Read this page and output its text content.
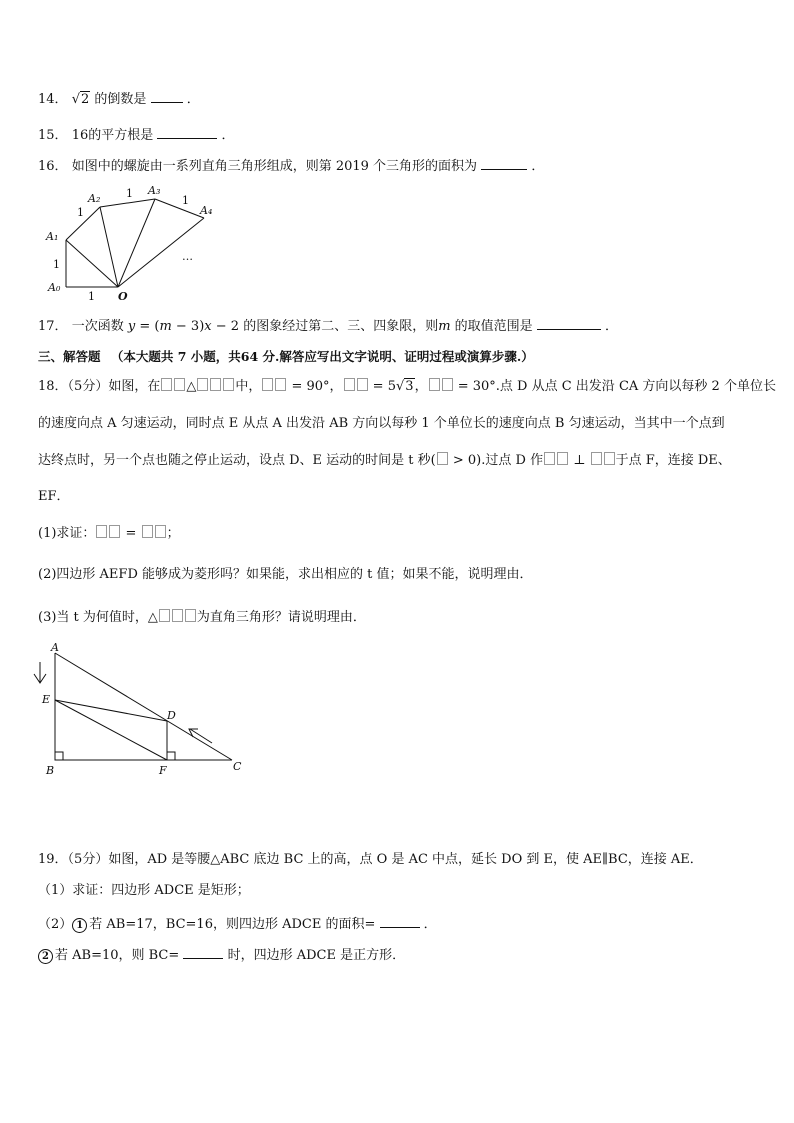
14． √2 的倒数是	．
15． 16的平方根是	．
16． 如图中的螺旋由一系列直角三角形组成，则第 2019 个三角形的面积为	．
A₀
A₁
A₂
A₃
A₄
O
1
1
1
1
1
…
17． 一次函数 y = (m − 3)x − 2 的图象经过第二、三、四象限，则m 的取值范围是	．
三、解答题 （本大题共 7 小题，共64 分.解答应写出文字说明、证明过程或演算步骤.）
18．（5分）如图，在 △	中， = 90°， = 5√3， = 30°.点 D 从点 C 出发沿 CA 方向以每秒 2 个单位长
的速度向点 A 匀速运动，同时点 E 从点 A 出发沿 AB 方向以每秒 1 个单位长的速度向点 B 匀速运动，当其中一个点到
达终点时，另一个点也随之停止运动，设点 D、E 运动的时间是 t 秒( > 0).过点 D 作 ⊥ 于点 F，连接 DE、
EF．
(1)求证： = ；
(2)四边形 AEFD 能够成为菱形吗？如果能，求出相应的 t 值；如果不能，说明理由．
(3)当 t 为何值时，△	为直角三角形？请说明理由．
A
E
D
B	F	C
19．（5分）如图，AD 是等腰△ABC 底边 BC 上的高，点 O 是 AC 中点，延长 DO 到 E，使 AE∥BC，连接 AE．
（1）求证：四边形 ADCE 是矩形；
（2） 1 若 AB=17，BC=16，则四边形 ADCE 的面积=	．
2 若 AB=10，则 BC=	时，四边形 ADCE 是正方形．
